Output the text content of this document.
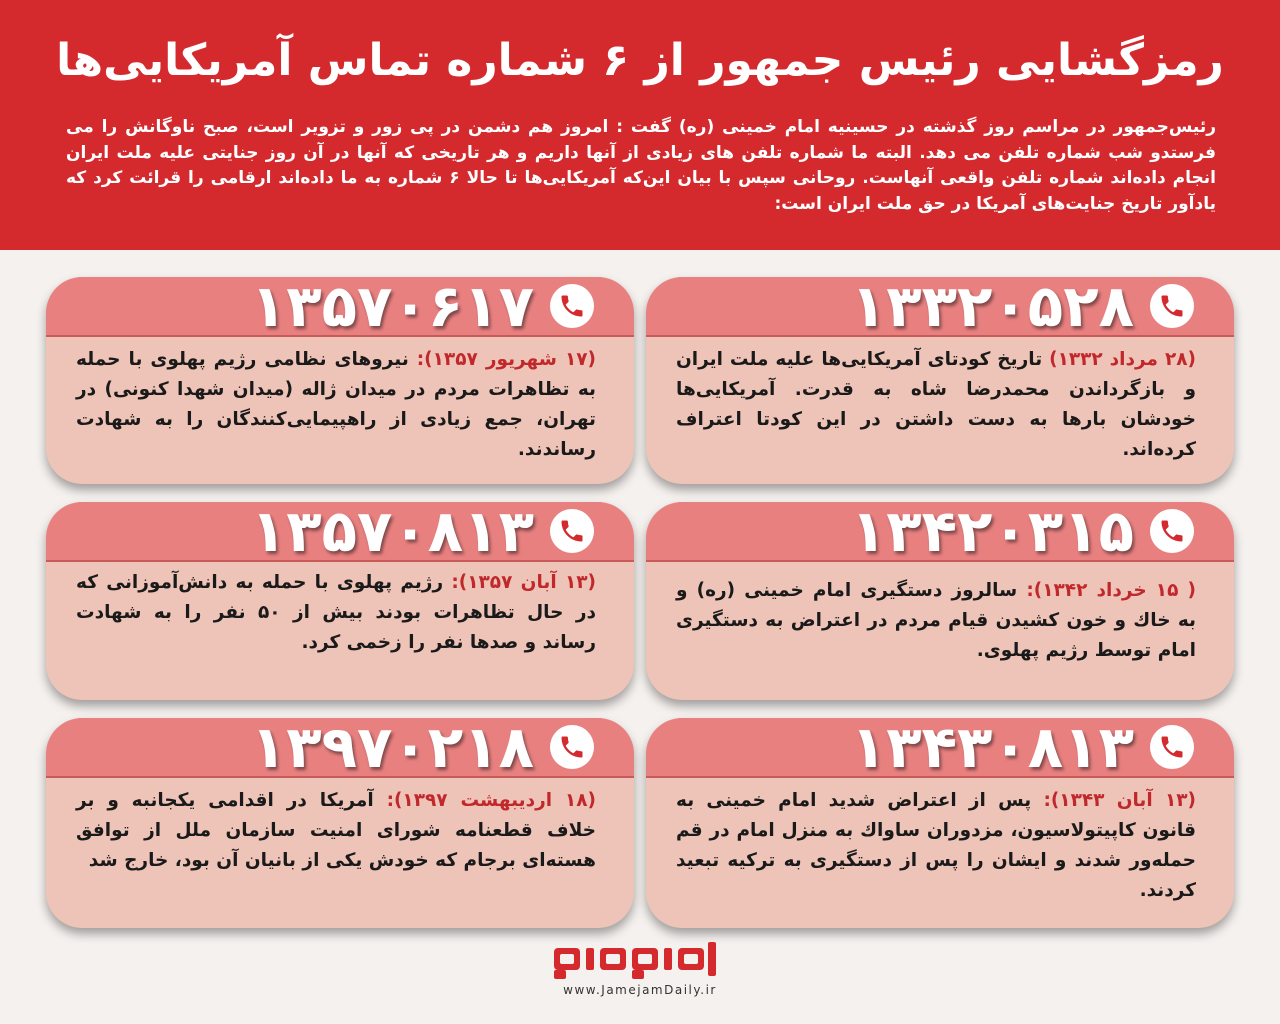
رمزگشایی رئیس جمهور از ۶ شماره تماس آمریکایی‌ها
رئیس‌جمهور در مراسم روز گذشته در حسینیه امام خمینی (ره) گفت : امروز هم دشمن در پی زور و تزویر است، صبح ناوگانش را می فرستدو شب شماره تلفن می دهد. البته ما شماره تلفن های زیادی از آنها داریم و هر تاریخی که آنها در آن روز جنایتی علیه ملت ایران انجام داده‌اند شماره تلفن واقعی آنهاست. روحانی سپس با بیان این‌که آمریکایی‌ها تا حالا ۶ شماره به ما داده‌اند ارقامی را قرائت کرد که یادآور تاریخ جنایت‌های آمریکا در حق ملت ایران است:
۱۳۳۲۰۵۲۸
(۲۸ مرداد ۱۳۳۲) تاریخ کودتای آمریکایی‌ها علیه ملت ایران و بازگرداندن محمدرضا شاه به قدرت. آمریکایی‌ها خودشان بارها به دست داشتن در این کودتا اعتراف کرده‌اند.
۱۳۵۷۰۶۱۷
(۱۷ شهریور ۱۳۵۷): نیروهای نظامی رژیم پهلوی با حمله به تظاهرات مردم در میدان ژاله (میدان شهدا کنونی) در تهران، جمع زیادی از راهپیمایی‌کنندگان را به شهادت رساندند.
۱۳۴۲۰۳۱۵
( ۱۵ خرداد ۱۳۴۲): سالروز دستگیری امام خمینی (ره) و به خاك و خون كشیدن قیام مردم در اعتراض به دستگیری امام توسط رژیم پهلوی.
۱۳۵۷۰۸۱۳
(۱۳ آبان ۱۳۵۷): رژیم پهلوی با حمله به دانش‌آموزانی که در حال تظاهرات بودند بیش از ۵۰ نفر را به شهادت رساند و صدها نفر را زخمی کرد.
۱۳۴۳۰۸۱۳
(۱۳ آبان ۱۳۴۳): پس از اعتراض شدید امام خمینی به قانون کاپیتولاسیون، مزدوران ساواك به منزل امام در قم حمله‌ور شدند و ایشان را پس از دستگیری به ترکیه تبعید کردند.
۱۳۹۷۰۲۱۸
(۱۸ اردیبهشت ۱۳۹۷): آمریکا در اقدامی یکجانبه و بر خلاف قطعنامه شورای امنیت سازمان ملل از توافق هسته‌ای برجام که خودش یکی از بانیان آن بود، خارج شد
www.JamejamDaily.ir
